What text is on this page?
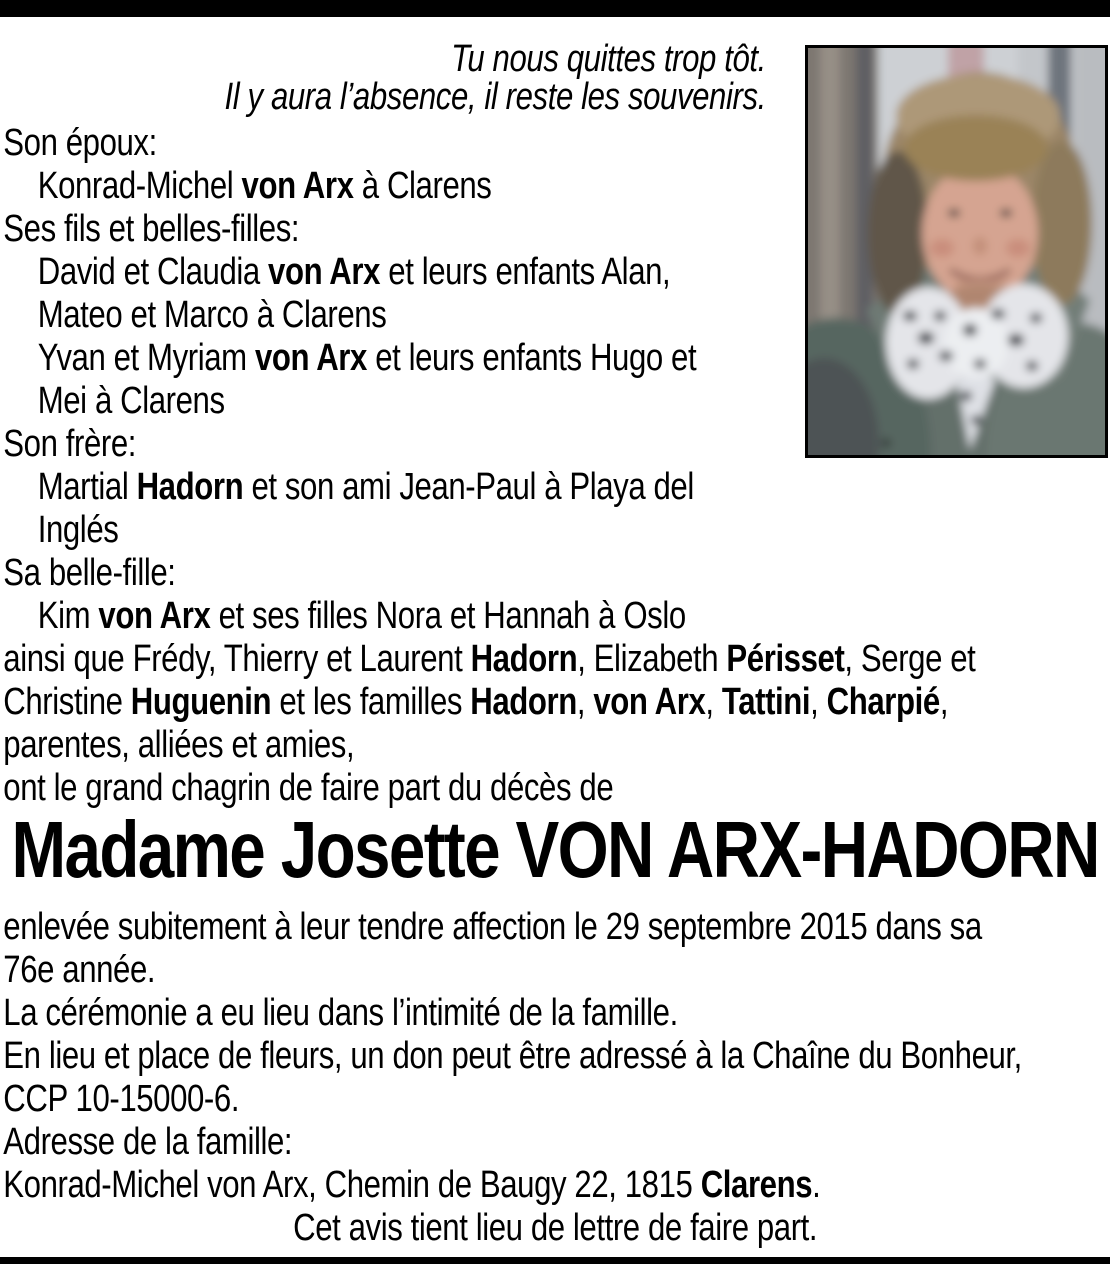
Tu nous quittes trop tôt.
Il y aura l’absence, il reste les souvenirs.
Son époux:
Konrad-Michel von Arx à Clarens
Ses fils et belles-filles:
David et Claudia von Arx et leurs enfants Alan,
Mateo et Marco à Clarens
Yvan et Myriam von Arx et leurs enfants Hugo et
Mei à Clarens
Son frère:
Martial Hadorn et son ami Jean-Paul à Playa del
Inglés
Sa belle-fille:
Kim von Arx et ses filles Nora et Hannah à Oslo
ainsi que Frédy, Thierry et Laurent Hadorn, Elizabeth Périsset, Serge et
Christine Huguenin et les familles Hadorn, von Arx, Tattini, Charpié,
parentes, alliées et amies,
ont le grand chagrin de faire part du décès de
Madame Josette VON ARX-HADORN
enlevée subitement à leur tendre affection le 29 septembre 2015 dans sa
76e année.
La cérémonie a eu lieu dans l’intimité de la famille.
En lieu et place de fleurs, un don peut être adressé à la Chaîne du Bonheur,
CCP 10-15000-6.
Adresse de la famille:
Konrad-Michel von Arx, Chemin de Baugy 22, 1815 Clarens.
Cet avis tient lieu de lettre de faire part.
